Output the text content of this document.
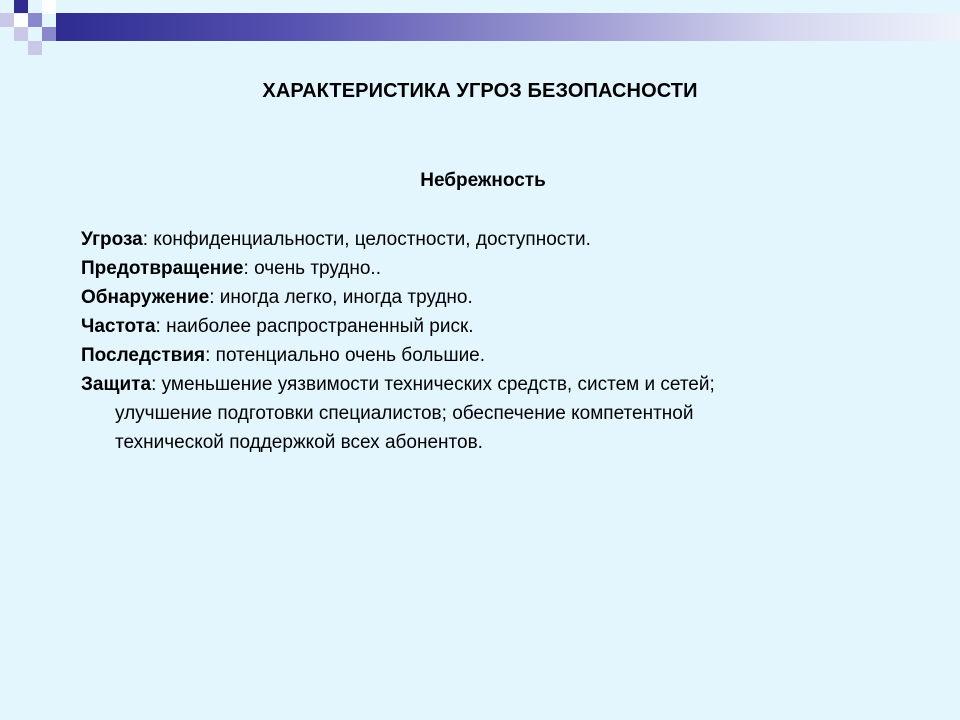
ХАРАКТЕРИСТИКА УГРОЗ БЕЗОПАСНОСТИ
Небрежность

Угроза: конфиденциальности, целостности, доступности.

Предотвращение: очень трудно..

Обнаружение: иногда легко, иногда трудно.

Частота: наиболее распространенный риск.

Последствия: потенциально очень большие.

Защита: уменьшение уязвимости технических средств, систем и сетей;

улучшение подготовки специалистов; обеспечение компетентной

технической поддержкой всех абонентов.
